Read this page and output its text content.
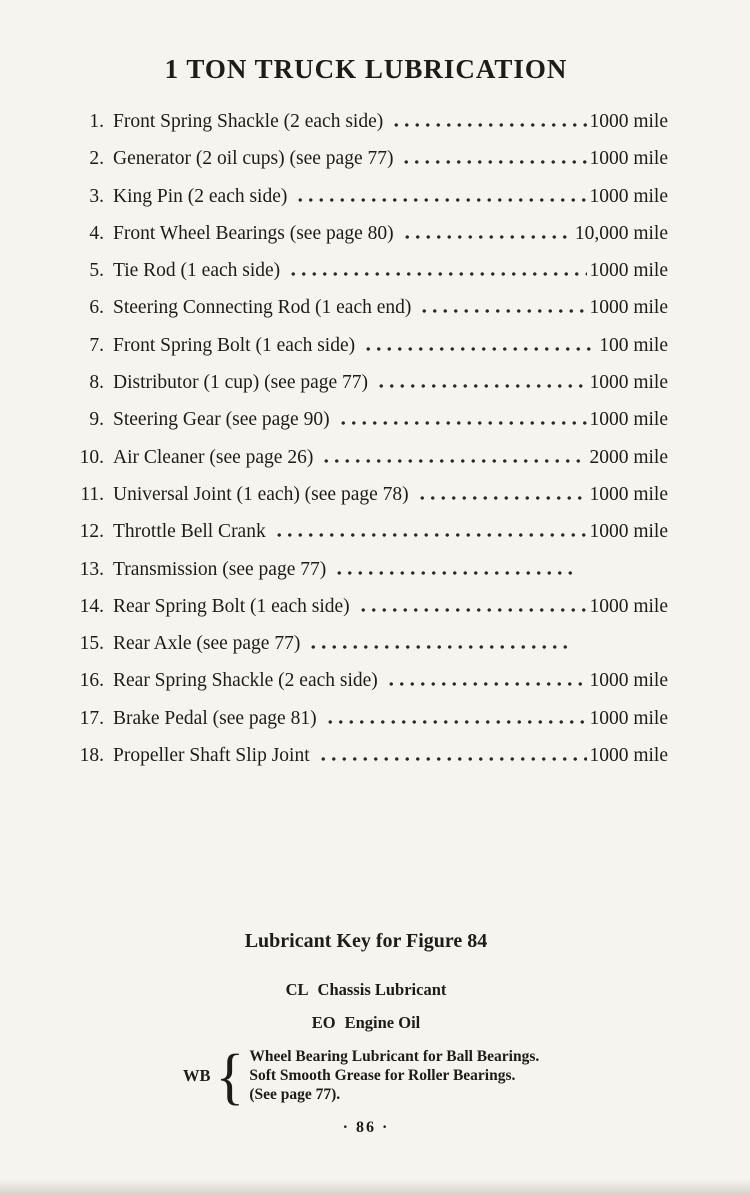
1 TON TRUCK LUBRICATION
1. Front Spring Shackle (2 each side)	1000 mile
2. Generator (2 oil cups) (see page 77)	1000 mile
3. King Pin (2 each side)	1000 mile
4. Front Wheel Bearings (see page 80)	10,000 mile
5. Tie Rod (1 each side)	1000 mile
6. Steering Connecting Rod (1 each end)	1000 mile
7. Front Spring Bolt (1 each side)	100 mile
8. Distributor (1 cup) (see page 77)	1000 mile
9. Steering Gear (see page 90)	1000 mile
10. Air Cleaner (see page 26)	2000 mile
11. Universal Joint (1 each) (see page 78)	1000 mile
12. Throttle Bell Crank	1000 mile
13. Transmission (see page 77)
14. Rear Spring Bolt (1 each side)	1000 mile
15. Rear Axle (see page 77)
16. Rear Spring Shackle (2 each side)	1000 mile
17. Brake Pedal (see page 81)	1000 mile
18. Propeller Shaft Slip Joint	1000 mile
Lubricant Key for Figure 84
CL Chassis Lubricant
EO Engine Oil
WB { Wheel Bearing Lubricant for Ball Bearings.
Soft Smooth Grease for Roller Bearings.
(See page 77).
· 86 ·
